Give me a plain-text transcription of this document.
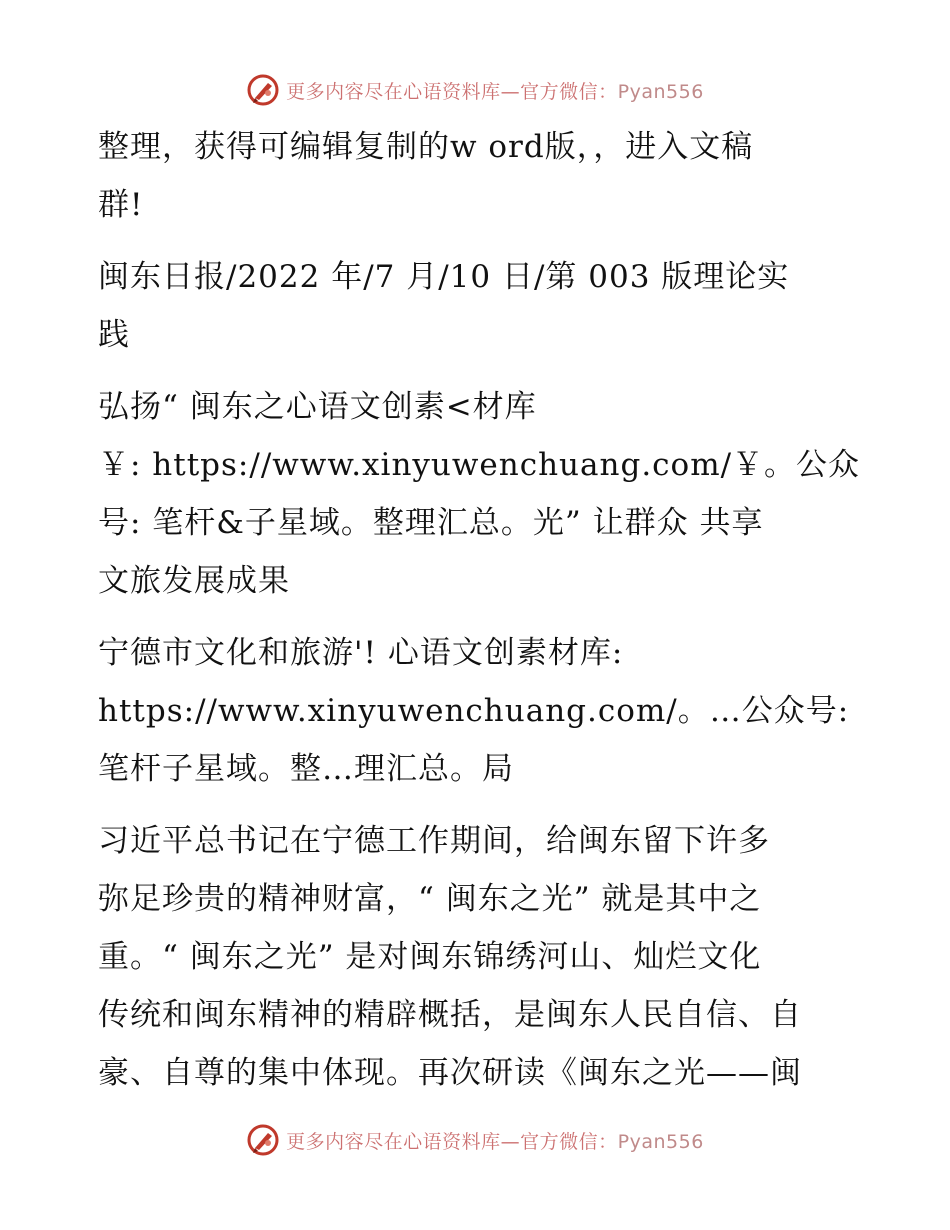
更多内容尽在心语资料库—官方微信：Pyan556

整理，获得可编辑复制的w ord版，，进入文稿
群!

闽东日报/2022 年/7 月/10 日/第 003 版理论实
践

弘扬“ 闽东之心语文创素<材库
￥: https://www.xinyuwenchuang.com/￥。公众
号: 笔杆&子星域。整理汇总。光” 让群众 共享
文旅发展成果

宁德市文化和旅游'! 心语文创素材库:
https://www.xinyuwenchuang.com/。…公众号:
笔杆子星域。整…理汇总。局

习近平总书记在宁德工作期间，给闽东留下许多
弥足珍贵的精神财富，“ 闽东之光” 就是其中之
重。“ 闽东之光” 是对闽东锦绣河山、灿烂文化
传统和闽东精神的精辟概括，是闽东人民自信、自
豪、自尊的集中体现。再次研读《闽东之光——闽

更多内容尽在心语资料库—官方微信：Pyan556
